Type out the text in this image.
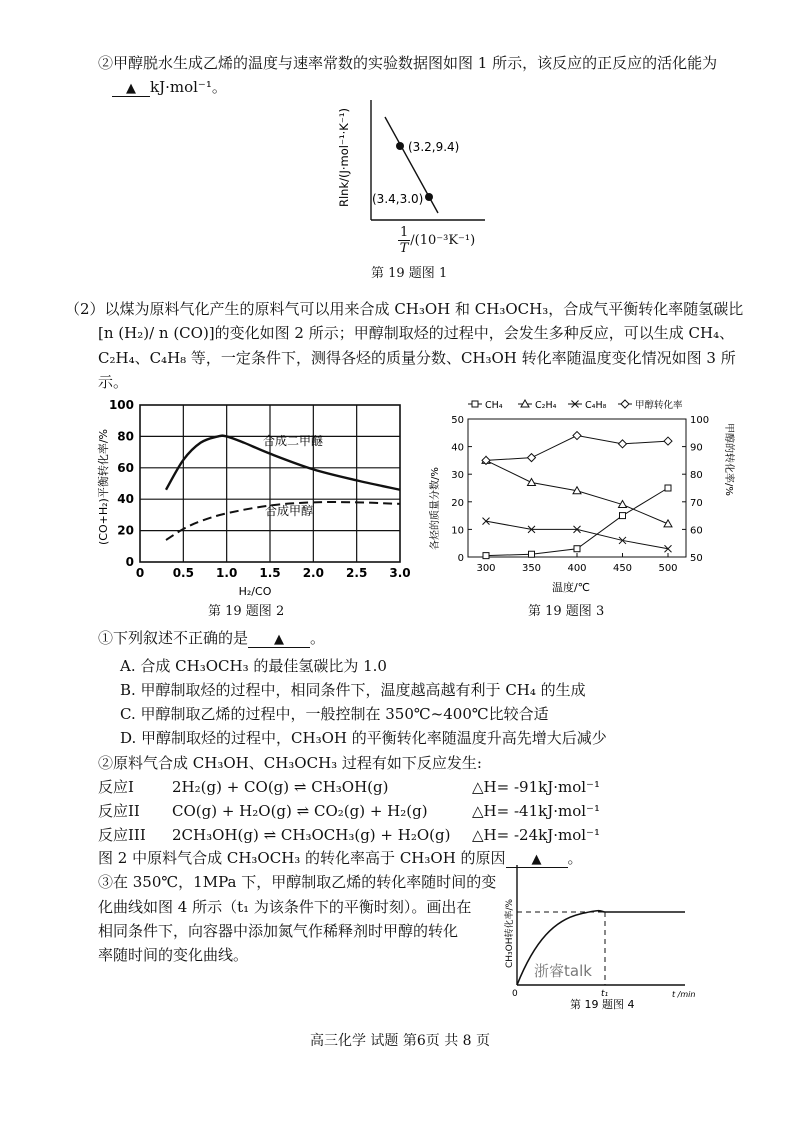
②甲醇脱水生成乙烯的温度与速率常数的实验数据图如图 1 所示，该反应的正反应的活化能为
▲ kJ·mol⁻¹。
(3.2,9.4)
(3.4,3.0)
Rlnk/(J·mol⁻¹·K⁻¹)
$\frac{1}{T} /(10^{-3}K^{-1})$
第 19 题图 1
（2）以煤为原料气化产生的原料气可以用来合成 CH₃OH 和 CH₃OCH₃，合成气平衡转化率随氢碳比
[n (H₂)/ n (CO)]的变化如图 2 所示；甲醇制取烃的过程中，会发生多种反应，可以生成 CH₄、
C₂H₄、C₄H₈ 等，一定条件下，测得各烃的质量分数、CH₃OH 转化率随温度变化情况如图 3 所
示。
0
20
40
60
80
100
0 0.5 1.0 1.5 2.0 2.5 3.0
合成二甲醚
合成甲醇
(CO+H₂)平衡转化率/%
H₂/CO
第 19 题图 2
CH₄	C₂H₄	C₄H₈	甲醇转化率
0
10
20
30
40
50
50
60
70
80
90
100
300	350	400	450	500
各烃的质量分数/%
甲醇的转化率/%
温度/℃
第 19 题图 3
①下列叙述不正确的是 ▲ 。
A. 合成 CH₃OCH₃ 的最佳氢碳比为 1.0
B. 甲醇制取烃的过程中，相同条件下，温度越高越有利于 CH₄ 的生成
C. 甲醇制取乙烯的过程中，一般控制在 350℃~400℃比较合适
D. 甲醇制取烃的过程中，CH₃OH 的平衡转化率随温度升高先增大后减少
②原料气合成 CH₃OH、CH₃OCH₃ 过程有如下反应发生:
反应I	2H₂(g) + CO(g) ⇌ CH₃OH(g)	△H= -91kJ·mol⁻¹
反应II CO(g) + H₂O(g) ⇌ CO₂(g) + H₂(g)	△H= -41kJ·mol⁻¹
反应III 2CH₃OH(g) ⇌ CH₃OCH₃(g) + H₂O(g) △H= -24kJ·mol⁻¹
图 2 中原料气合成 CH₃OCH₃ 的转化率高于 CH₃OH 的原因 ▲ 。
③在 350℃，1MPa 下，甲醇制取乙烯的转化率随时间的变
化曲线如图 4 所示（t₁ 为该条件下的平衡时刻）。画出在
相同条件下，向容器中添加氮气作稀释剂时甲醇的转化
率随时间的变化曲线。	CH₃OH转化率/%
0	t₁	t /min
浙睿talk
第 19 题图 4
高三化学 试题 第6页 共 8 页
